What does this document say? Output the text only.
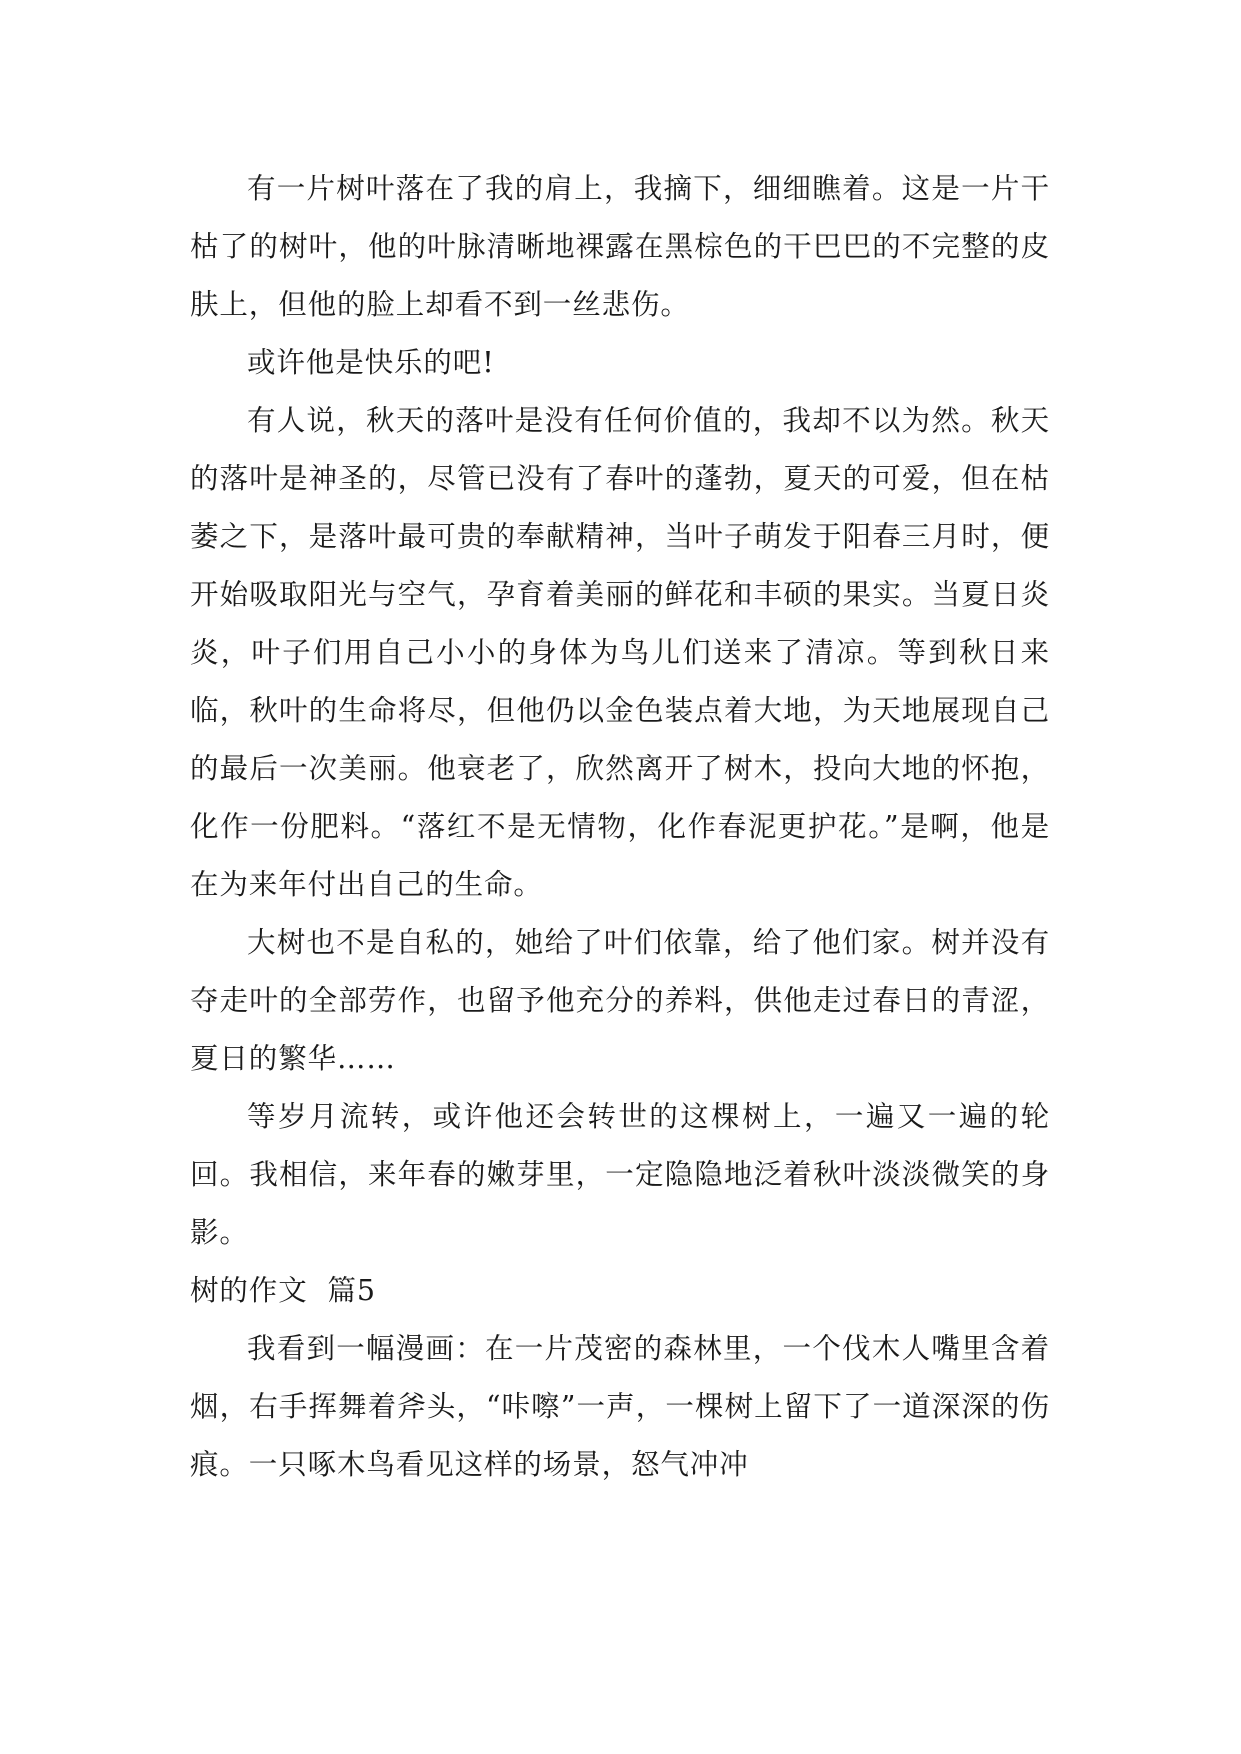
有一片树叶落在了我的肩上，我摘下，细细瞧着。这是一片干枯了的树叶，他的叶脉清晰地裸露在黑棕色的干巴巴的不完整的皮肤上，但他的脸上却看不到一丝悲伤。

或许他是快乐的吧!

有人说，秋天的落叶是没有任何价值的，我却不以为然。秋天的落叶是神圣的，尽管已没有了春叶的蓬勃，夏天的可爱，但在枯萎之下，是落叶最可贵的奉献精神，当叶子萌发于阳春三月时，便开始吸取阳光与空气，孕育着美丽的鲜花和丰硕的果实。当夏日炎炎，叶子们用自己小小的身体为鸟儿们送来了清凉。等到秋日来临，秋叶的生命将尽，但他仍以金色装点着大地，为天地展现自己的最后一次美丽。他衰老了，欣然离开了树木，投向大地的怀抱，化作一份肥料。“落红不是无情物，化作春泥更护花。”是啊，他是在为来年付出自己的生命。

大树也不是自私的，她给了叶们依靠，给了他们家。树并没有夺走叶的全部劳作，也留予他充分的养料，供他走过春日的青涩，夏日的繁华……

等岁月流转，或许他还会转世的这棵树上，一遍又一遍的轮回。我相信，来年春的嫩芽里，一定隐隐地泛着秋叶淡淡微笑的身影。

树的作文  篇5

我看到一幅漫画：在一片茂密的森林里，一个伐木人嘴里含着烟，右手挥舞着斧头，“咔嚓”一声，一棵树上留下了一道深深的伤痕。一只啄木鸟看见这样的场景，怒气冲冲
